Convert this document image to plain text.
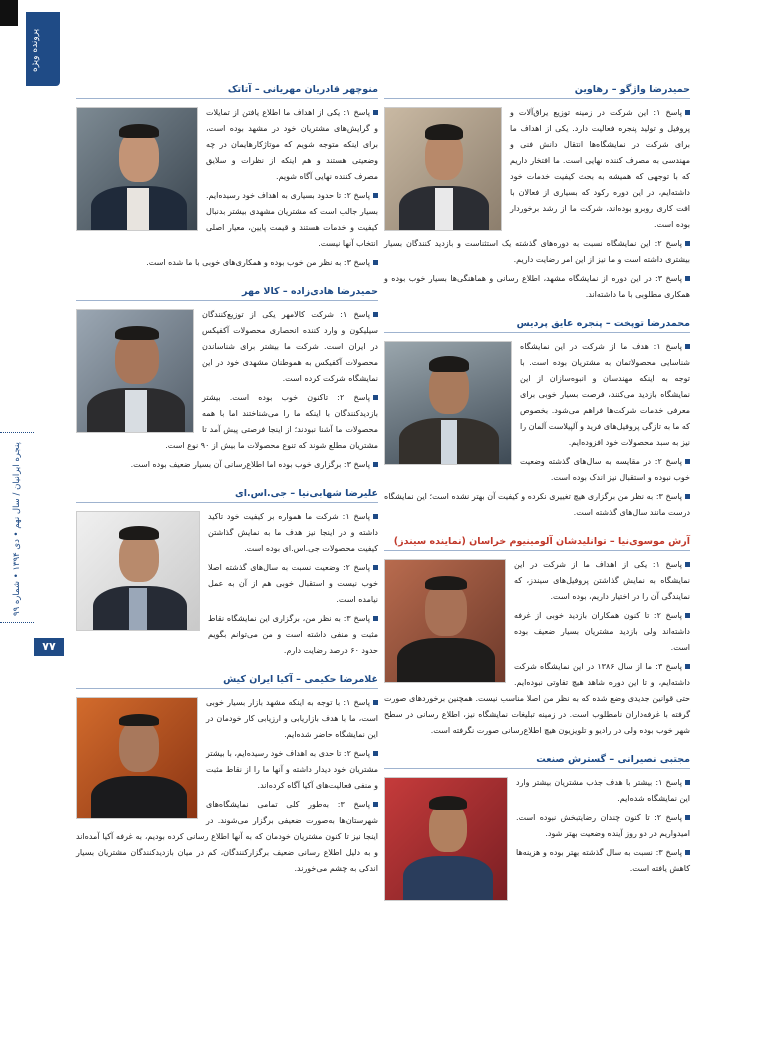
پرونده ویژه
پنجره ایرانیان / سال نهم • دی ۱۳۹۴ • شماره ۹۹
۷۷
حمیدرضا واژگو – رهاوین

پاسخ ۱: این شرکت در زمینه توزیع یراق‌آلات و پروفیل و تولید پنجره فعالیت دارد. یکی از اهداف ما برای شرکت در نمایشگاه‌ها انتقال دانش فنی و مهندسی به مصرف کننده نهایی است. ما افتخار داریم که با توجهی که همیشه به بحث کیفیت خدمات خود داشته‌ایم، در این دوره رکود که بسیاری از فعالان با افت کاری روبرو بوده‌اند، شرکت ما از رشد برخوردار بوده است.

پاسخ ۲: این نمایشگاه نسبت به دوره‌های گذشته یک استثناست و بازدید کنندگان بسیار بیشتری داشته است و ما نیز از این امر رضایت داریم.

پاسخ ۳: در این دوره از نمایشگاه مشهد، اطلاع رسانی و هماهنگی‌ها بسیار خوب بوده و همکاری مطلوبی با ما داشته‌اند.

محمدرضا توپخت – پنجره عایق پردیس

پاسخ ۱: هدف ما از شرکت در این نمایشگاه شناسایی محصولاتمان به مشتریان بوده است. با توجه به اینکه مهندسان و انبوه‌سازان از این نمایشگاه بازدید می‌کنند، فرصت بسیار خوبی برای معرفی خدمات شرکت‌ها فراهم می‌شود. بخصوص که ما به تازگی پروفیل‌های فرید و آلپیلاست آلمان را نیز به سبد محصولات خود افزوده‌ایم.

پاسخ ۲: در مقایسه به سال‌های گذشته وضعیت خوب نبوده و استقبال نیز اندک بوده است.

پاسخ ۳: به نظر من برگزاری هیچ تغییری نکرده و کیفیت آن بهتر نشده است؛ این نمایشگاه درست مانند سال‌های گذشته است.

آرش موسوی‌نیا – توانلیدشان آلومینیوم خراسان (نماینده سیندز)

پاسخ ۱: یکی از اهداف ما از شرکت در این نمایشگاه به نمایش گذاشتن پروفیل‌های سیندز، که نمایندگی آن را در اختیار داریم، بوده است.

پاسخ ۲: تا کنون همکاران بازدید خوبی از غرفه داشته‌اند ولی بازدید مشتریان بسیار ضعیف بوده است.

پاسخ ۳: ما از سال ۱۳۸۶ در این نمایشگاه شرکت داشته‌ایم، و تا این دوره شاهد هیچ تفاوتی نبوده‌ایم. حتی قوانین جدیدی وضع شده که به نظر من اصلا مناسب نیست. همچنین برخوردهای صورت گرفته با غرفه‌داران نامطلوب است. در زمینه تبلیغات نمایشگاه نیز، اطلاع رسانی در سطح شهر خوب بوده ولی در رادیو و تلویزیون هیچ اطلاع‌رسانی صورت نگرفته است.

مجتبی نصیرانی – گسترش صنعت

پاسخ ۱: بیشتر با هدف جذب مشتریان بیشتر وارد این نمایشگاه شده‌ایم.

پاسخ ۲: تا کنون چندان رضایتبخش نبوده است. امیدواریم در دو روز آینده وضعیت بهتر شود.

پاسخ ۳: نسبت به سال گذشته بهتر بوده و هزینه‌ها کاهش یافته است.

منوچهر قادریان مهریانی – آتاتک

پاسخ ۱: یکی از اهداف ما اطلاع یافتن از تمایلات و گرایش‌های مشتریان خود در مشهد بوده است، برای اینکه متوجه شویم که موتاژکارهایمان در چه وضعیتی هستند و هم اینکه از نظرات و سلایق مصرف کننده نهایی آگاه شویم.

پاسخ ۲: تا حدود بسیاری به اهداف خود رسیده‌ایم. بسیار جالب است که مشتریان مشهدی بیشتر بدنبال کیفیت و خدمات هستند و قیمت پایین، معیار اصلی انتخاب آنها نیست.

پاسخ ۳: به نظر من خوب بوده و همکاری‌های خوبی با ما شده است.

حمیدرضا هادی‌زاده – کالا مهر

پاسخ ۱: شرکت کالامهر یکی از توزیع‌کنندگان سیلیکون و وارد کننده انحصاری محصولات آکفیکس در ایران است. شرکت ما بیشتر برای شناساندن محصولات آکفیکس به هموطنان مشهدی خود در این نمایشگاه شرکت کرده است.

پاسخ ۲: تاکنون خوب بوده است. بیشتر بازدیدکنندگان با اینکه ما را می‌شناختند اما با همه محصولات ما آشنا نبودند؛ از اینجا فرصتی پیش آمد تا مشتریان مطلع شوند که تنوع محصولات ما بیش از ۹۰ نوع است.

پاسخ ۳: برگزاری خوب بوده اما اطلاع‌رسانی آن بسیار ضعیف بوده است.

علیرضا شهابی‌نیا – جی.اس.ای

پاسخ ۱: شرکت ما همواره بر کیفیت خود تاکید داشته و در اینجا نیز هدف ما به نمایش گذاشتن کیفیت محصولات جی.اس.ای بوده است.

پاسخ ۲: وضعیت نسبت به سال‌های گذشته اصلا خوب نیست و استقبال خوبی هم از آن به عمل نیامده است.

پاسخ ۳: به نظر من، برگزاری این نمایشگاه نقاط مثبت و منفی داشته است و من می‌توانم بگویم حدود ۶۰ درصد رضایت دارم.

غلامرضا حکیمی – آکیا ایران کیش

پاسخ ۱: با توجه به اینکه مشهد بازار بسیار خوبی است، ما با هدف بازاریابی و ارزیابی کار خودمان در این نمایشگاه حاضر شده‌ایم.

پاسخ ۲: تا حدی به اهداف خود رسیده‌ایم، با بیشتر مشتریان خود دیدار داشته و آنها ما را از نقاط مثبت و منفی فعالیت‌های آکیا آگاه کرده‌اند.

پاسخ ۳: به‌طور کلی تمامی نمایشگاه‌های شهرستان‌ها به‌صورت ضعیفی برگزار می‌شوند. در اینجا نیز تا کنون مشتریان خودمان که به آنها اطلاع رسانی کرده بودیم، به غرفه آکیا آمده‌اند و به دلیل اطلاع رسانی ضعیف برگزارکنندگان، کم در میان بازدیدکنندگان مشتریان بسیار اندکی به چشم می‌خورند.
